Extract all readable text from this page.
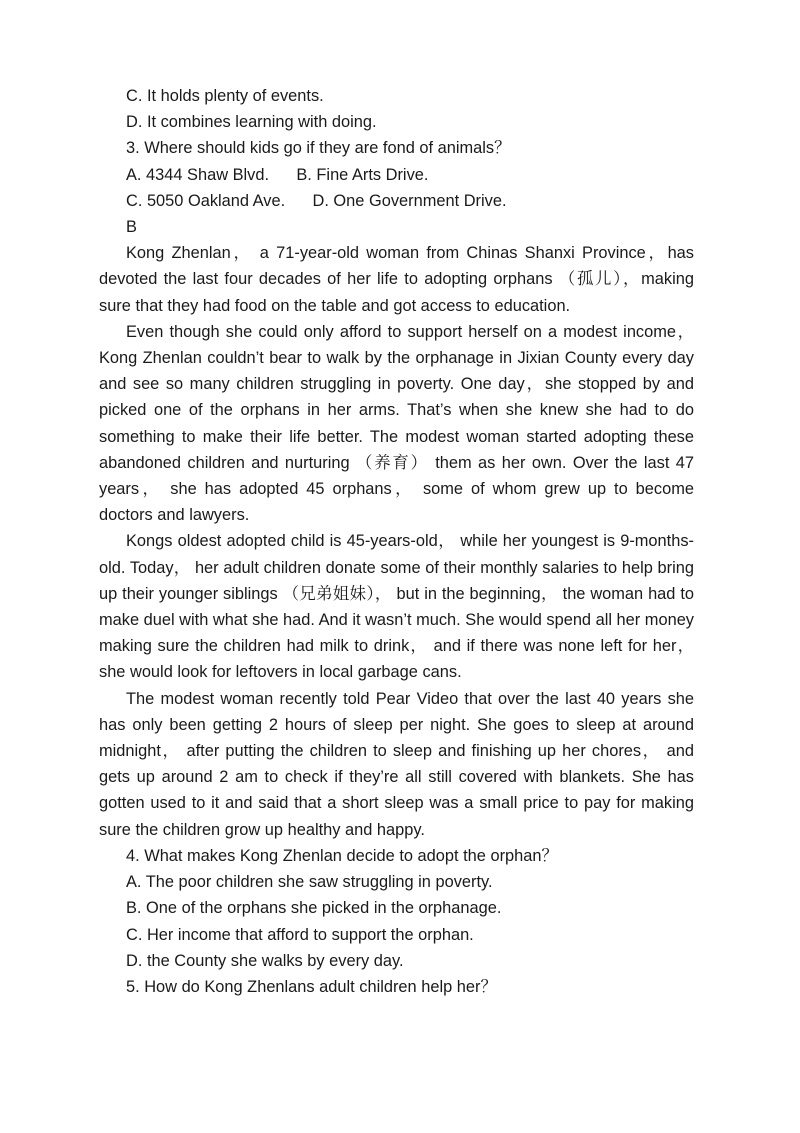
C. It holds plenty of events.

D. It combines learning with doing.

3. Where should kids go if they are fond of animals？

A. 4344 Shaw Blvd.      B. Fine Arts Drive.

C. 5050 Oakland Ave.      D. One Government Drive.

B

Kong Zhenlan， a 71-year-old woman from Chinas Shanxi Province，has devoted the last four decades of her life to adopting orphans （孤儿），making sure that they had food on the table and got access to education.

Even though she could only afford to support herself on a modest income， Kong Zhenlan couldn’t bear to walk by the orphanage in Jixian County every day and see so many children struggling in poverty. One day，she stopped by and picked one of the orphans in her arms. That’s when she knew she had to do something to make their life better. The modest woman started adopting these abandoned children and nurturing （养育） them as her own. Over the last 47 years， she has adopted 45 orphans， some of whom grew up to become doctors and lawyers.

Kongs oldest adopted child is 45-years-old， while her youngest is 9-months-old. Today， her adult children donate some of their monthly salaries to help bring up their younger siblings （兄弟姐妹）， but in the beginning， the woman had to make duel with what she had. And it wasn’t much. She would spend all her money making sure the children had milk to drink， and if there was none left for her， she would look for leftovers in local garbage cans.

The modest woman recently told Pear Video that over the last 40 years she has only been getting 2 hours of sleep per night. She goes to sleep at around midnight， after putting the children to sleep and finishing up her chores， and gets up around 2 am to check if they’re all still covered with blankets. She has gotten used to it and said that a short sleep was a small price to pay for making sure the children grow up healthy and happy.

4. What makes Kong Zhenlan decide to adopt the orphan？

A. The poor children she saw struggling in poverty.

B. One of the orphans she picked in the orphanage.

C. Her income that afford to support the orphan.

D. the County she walks by every day.

5. How do Kong Zhenlans adult children help her？
